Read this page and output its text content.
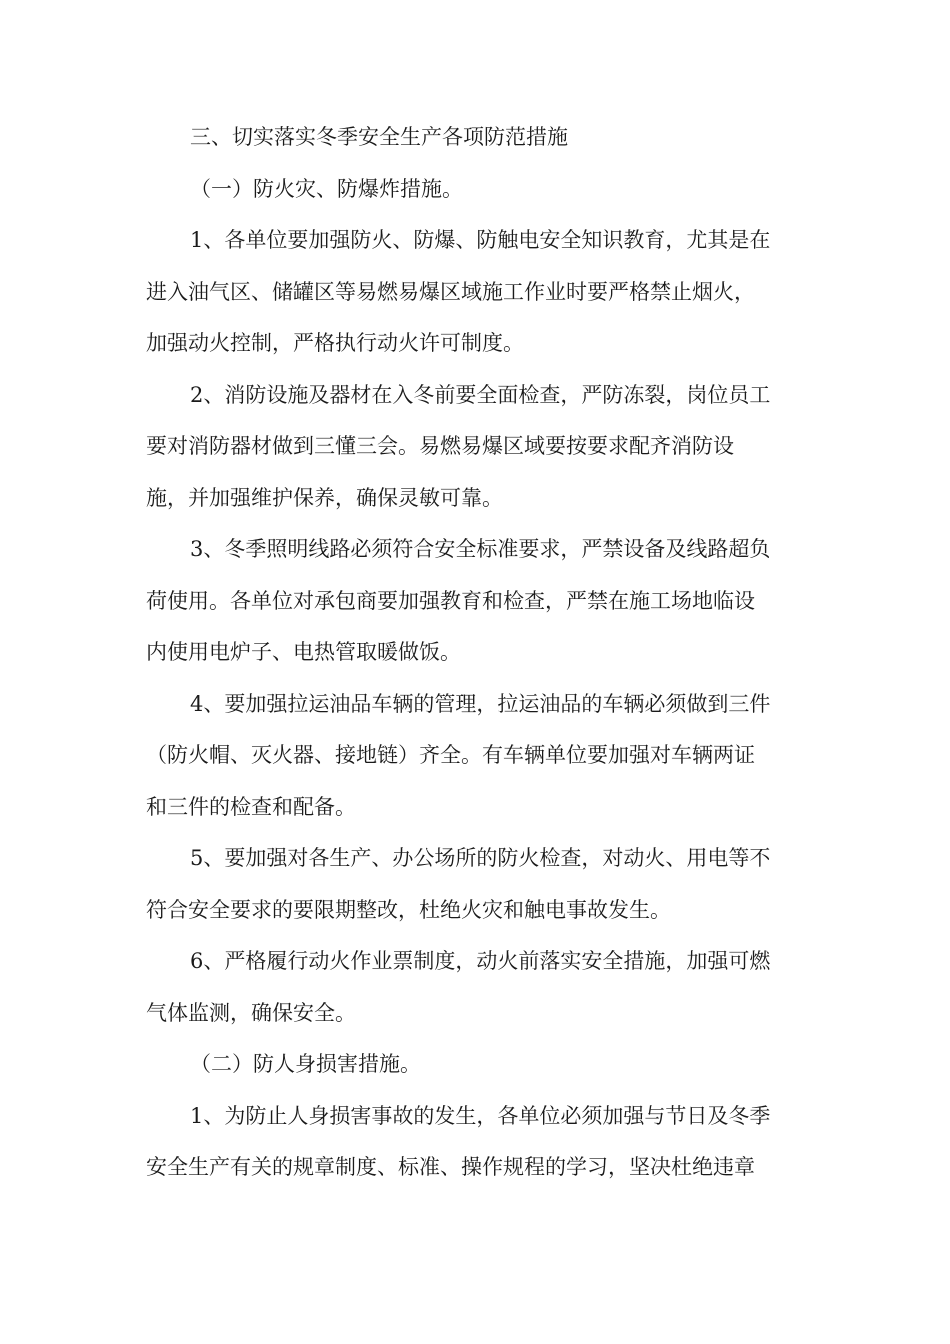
三、切实落实冬季安全生产各项防范措施
（一）防火灾、防爆炸措施。
1、各单位要加强防火、防爆、防触电安全知识教育，尤其是在
进入油气区、储罐区等易燃易爆区域施工作业时要严格禁止烟火，
加强动火控制，严格执行动火许可制度。
2、消防设施及器材在入冬前要全面检查，严防冻裂，岗位员工
要对消防器材做到三懂三会。易燃易爆区域要按要求配齐消防设
施，并加强维护保养，确保灵敏可靠。
3、冬季照明线路必须符合安全标准要求，严禁设备及线路超负
荷使用。各单位对承包商要加强教育和检查，严禁在施工场地临设
内使用电炉子、电热管取暖做饭。
4、要加强拉运油品车辆的管理，拉运油品的车辆必须做到三件
（防火帽、灭火器、接地链）齐全。有车辆单位要加强对车辆两证
和三件的检查和配备。
5、要加强对各生产、办公场所的防火检查，对动火、用电等不
符合安全要求的要限期整改，杜绝火灾和触电事故发生。
6、严格履行动火作业票制度，动火前落实安全措施，加强可燃
气体监测，确保安全。
（二）防人身损害措施。
1、为防止人身损害事故的发生，各单位必须加强与节日及冬季
安全生产有关的规章制度、标准、操作规程的学习，坚决杜绝违章
